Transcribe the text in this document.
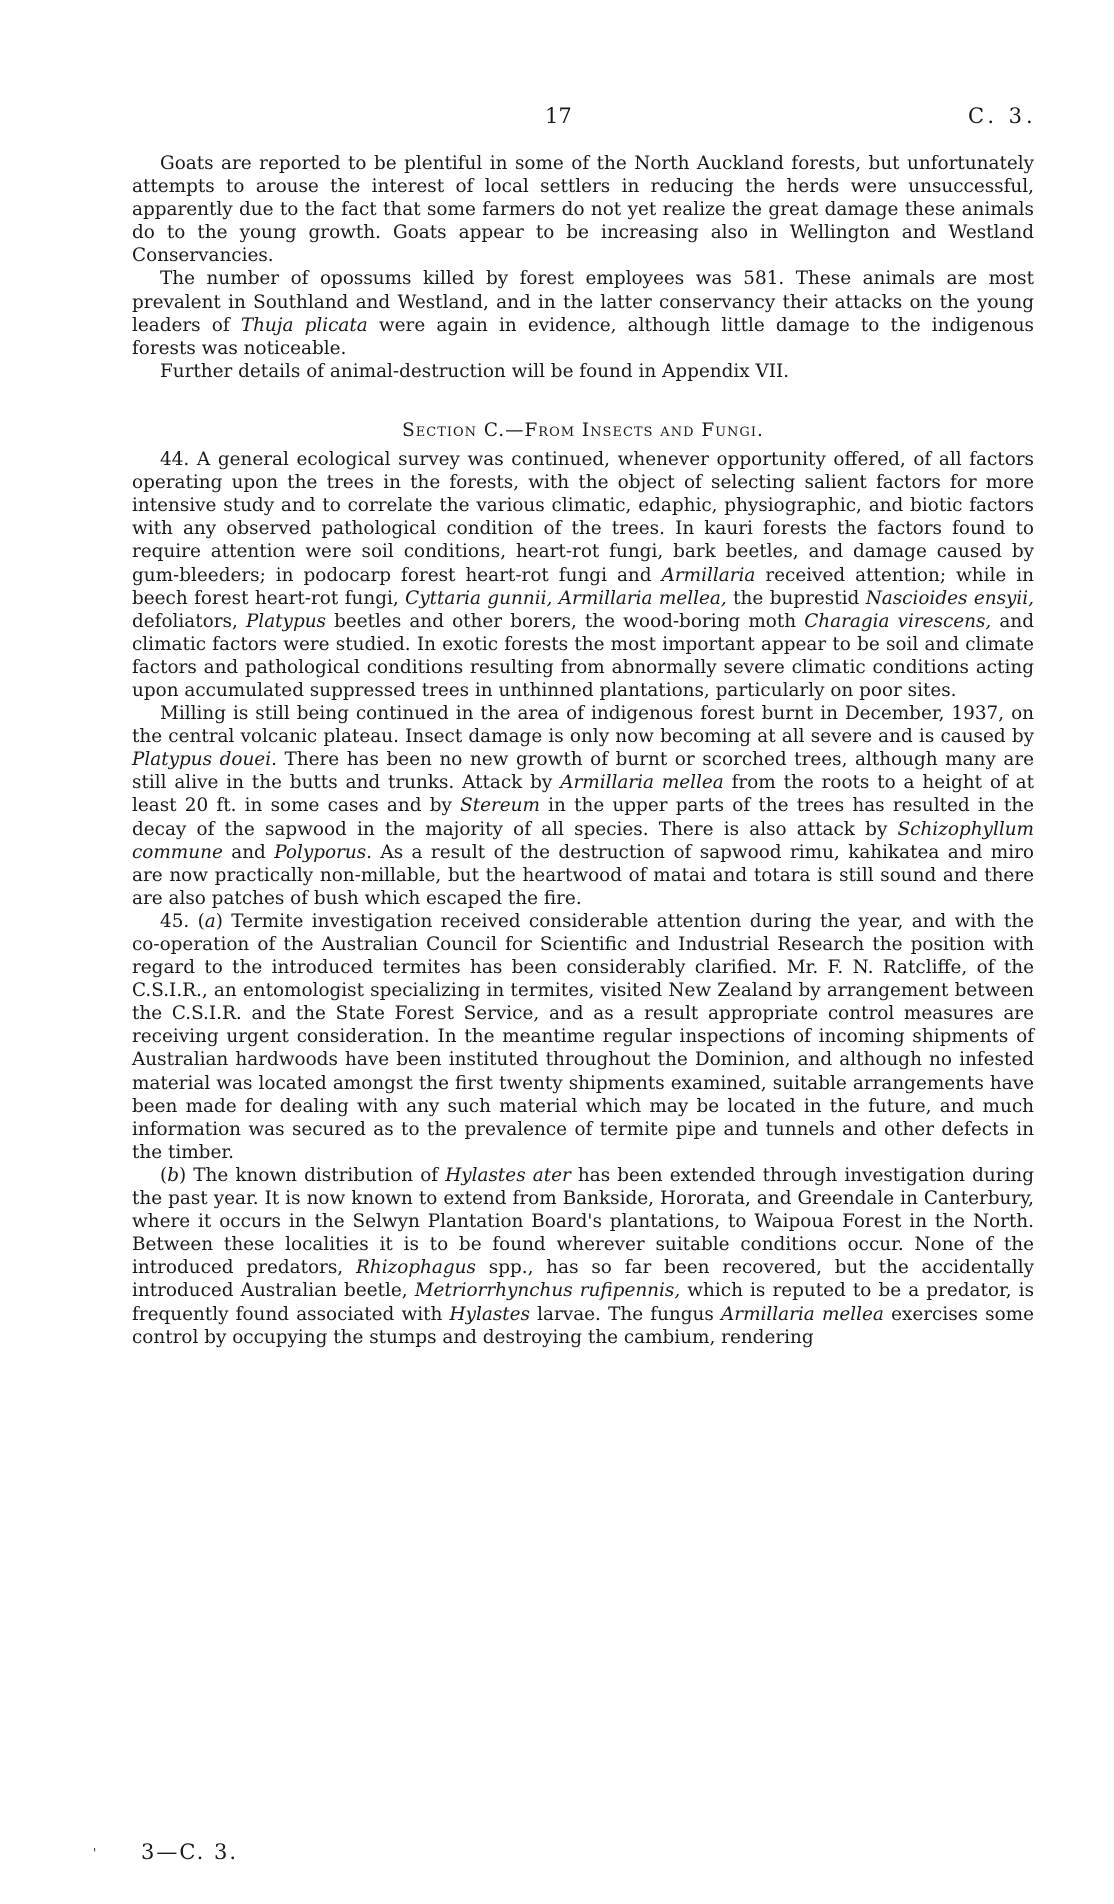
17	C. 3.

Goats are reported to be plentiful in some of the North Auckland forests, but unfortunately attempts to arouse the interest of local settlers in reducing the herds were unsuccessful, apparently due to the fact that some farmers do not yet realize the great damage these animals do to the young growth. Goats appear to be increasing also in Wellington and Westland Conservancies.

The number of opossums killed by forest employees was 581. These animals are most prevalent in Southland and Westland, and in the latter conservancy their attacks on the young leaders of Thuja plicata were again in evidence, although little damage to the indigenous forests was noticeable.

Further details of animal-destruction will be found in Appendix VII.

Section C.—From Insects and Fungi.

44. A general ecological survey was continued, whenever opportunity offered, of all factors operating upon the trees in the forests, with the object of selecting salient factors for more intensive study and to correlate the various climatic, edaphic, physiographic, and biotic factors with any observed pathological condition of the trees. In kauri forests the factors found to require attention were soil conditions, heart-rot fungi, bark beetles, and damage caused by gum-bleeders; in podocarp forest heart-rot fungi and Armillaria received attention; while in beech forest heart-rot fungi, Cyttaria gunnii, Armillaria mellea, the buprestid Nascioides ensyii, defoliators, Platypus beetles and other borers, the wood-boring moth Charagia virescens, and climatic factors were studied. In exotic forests the most important appear to be soil and climate factors and pathological conditions resulting from abnormally severe climatic conditions acting upon accumulated suppressed trees in unthinned plantations, particularly on poor sites.

Milling is still being continued in the area of indigenous forest burnt in December, 1937, on the central volcanic plateau. Insect damage is only now becoming at all severe and is caused by Platypus douei. There has been no new growth of burnt or scorched trees, although many are still alive in the butts and trunks. Attack by Armillaria mellea from the roots to a height of at least 20 ft. in some cases and by Stereum in the upper parts of the trees has resulted in the decay of the sapwood in the majority of all species. There is also attack by Schizophyllum commune and Polyporus. As a result of the destruction of sapwood rimu, kahikatea and miro are now practically non-millable, but the heartwood of matai and totara is still sound and there are also patches of bush which escaped the fire.

45. (a) Termite investigation received considerable attention during the year, and with the co-operation of the Australian Council for Scientific and Industrial Research the position with regard to the introduced termites has been considerably clarified. Mr. F. N. Ratcliffe, of the C.S.I.R., an entomologist specializing in termites, visited New Zealand by arrangement between the C.S.I.R. and the State Forest Service, and as a result appropriate control measures are receiving urgent consideration. In the meantime regular inspections of incoming shipments of Australian hardwoods have been instituted throughout the Dominion, and although no infested material was located amongst the first twenty shipments examined, suitable arrangements have been made for dealing with any such material which may be located in the future, and much information was secured as to the prevalence of termite pipe and tunnels and other defects in the timber.

(b) The known distribution of Hylastes ater has been extended through investigation during the past year. It is now known to extend from Bankside, Hororata, and Greendale in Canterbury, where it occurs in the Selwyn Plantation Board's plantations, to Waipoua Forest in the North. Between these localities it is to be found wherever suitable conditions occur. None of the introduced predators, Rhizophagus spp., has so far been recovered, but the accidentally introduced Australian beetle, Metriorrhynchus rufipennis, which is reputed to be a predator, is frequently found associated with Hylastes larvae. The fungus Armillaria mellea exercises some control by occupying the stumps and destroying the cambium, rendering

' 3—C. 3.
